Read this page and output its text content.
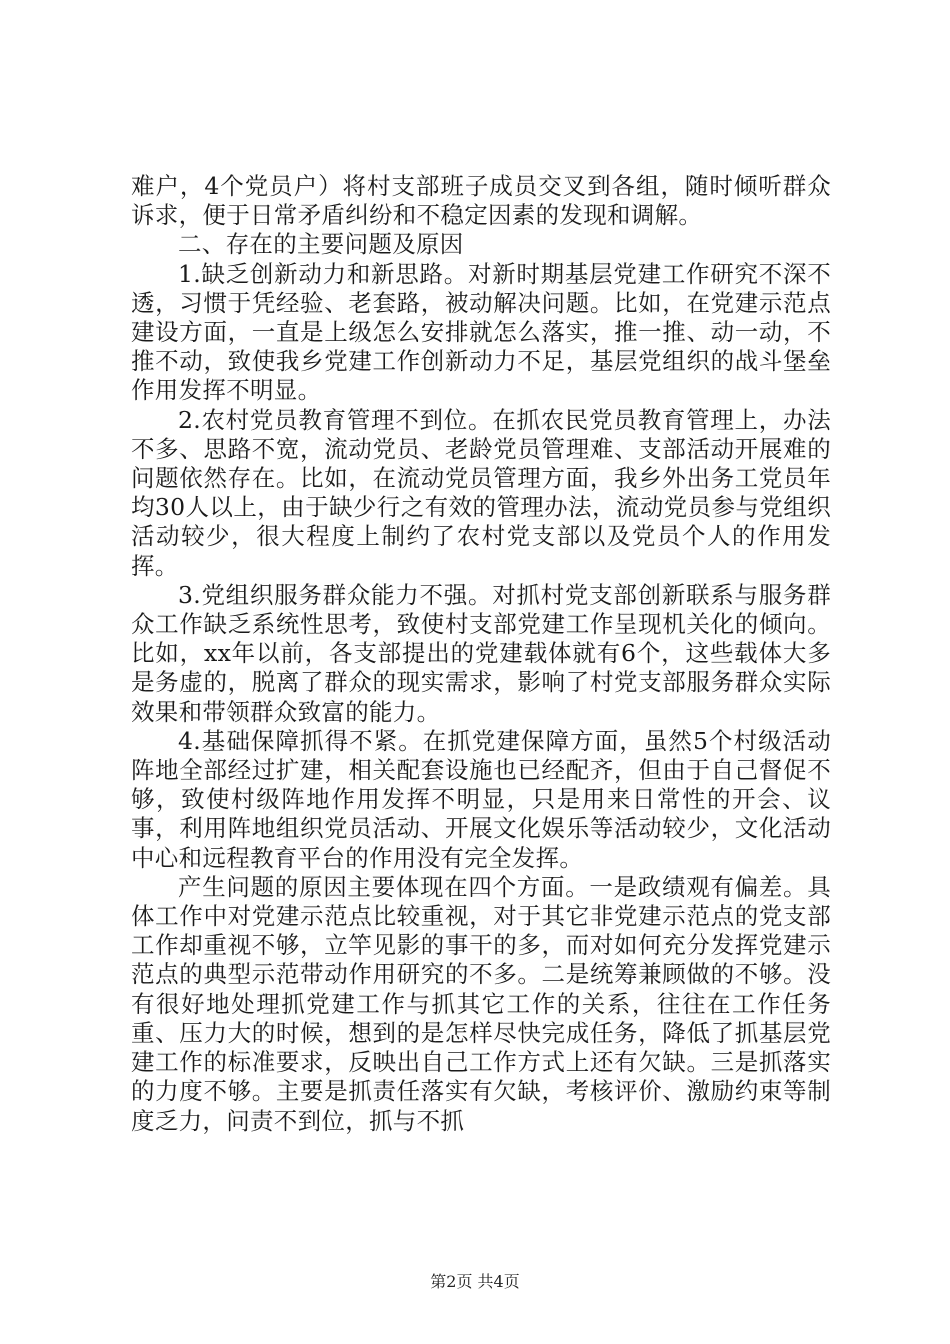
难户，4个党员户）将村支部班子成员交叉到各组，随时倾听群众诉求，便于日常矛盾纠纷和不稳定因素的发现和调解。

二、存在的主要问题及原因

1.缺乏创新动力和新思路。对新时期基层党建工作研究不深不透，习惯于凭经验、老套路，被动解决问题。比如，在党建示范点建设方面，一直是上级怎么安排就怎么落实，推一推、动一动，不推不动，致使我乡党建工作创新动力不足，基层党组织的战斗堡垒作用发挥不明显。

2.农村党员教育管理不到位。在抓农民党员教育管理上，办法不多、思路不宽，流动党员、老龄党员管理难、支部活动开展难的问题依然存在。比如，在流动党员管理方面，我乡外出务工党员年均30人以上，由于缺少行之有效的管理办法，流动党员参与党组织活动较少，很大程度上制约了农村党支部以及党员个人的作用发挥。

3.党组织服务群众能力不强。对抓村党支部创新联系与服务群众工作缺乏系统性思考，致使村支部党建工作呈现机关化的倾向。比如，xx年以前，各支部提出的党建载体就有6个，这些载体大多是务虚的，脱离了群众的现实需求，影响了村党支部服务群众实际效果和带领群众致富的能力。

4.基础保障抓得不紧。在抓党建保障方面，虽然5个村级活动阵地全部经过扩建，相关配套设施也已经配齐，但由于自己督促不够，致使村级阵地作用发挥不明显，只是用来日常性的开会、议事，利用阵地组织党员活动、开展文化娱乐等活动较少，文化活动中心和远程教育平台的作用没有完全发挥。

产生问题的原因主要体现在四个方面。一是政绩观有偏差。具体工作中对党建示范点比较重视，对于其它非党建示范点的党支部工作却重视不够，立竿见影的事干的多，而对如何充分发挥党建示范点的典型示范带动作用研究的不多。二是统筹兼顾做的不够。没有很好地处理抓党建工作与抓其它工作的关系，往往在工作任务重、压力大的时候，想到的是怎样尽快完成任务，降低了抓基层党建工作的标准要求，反映出自己工作方式上还有欠缺。三是抓落实的力度不够。主要是抓责任落实有欠缺，考核评价、激励约束等制度乏力，问责不到位，抓与不抓

第2页 共4页
